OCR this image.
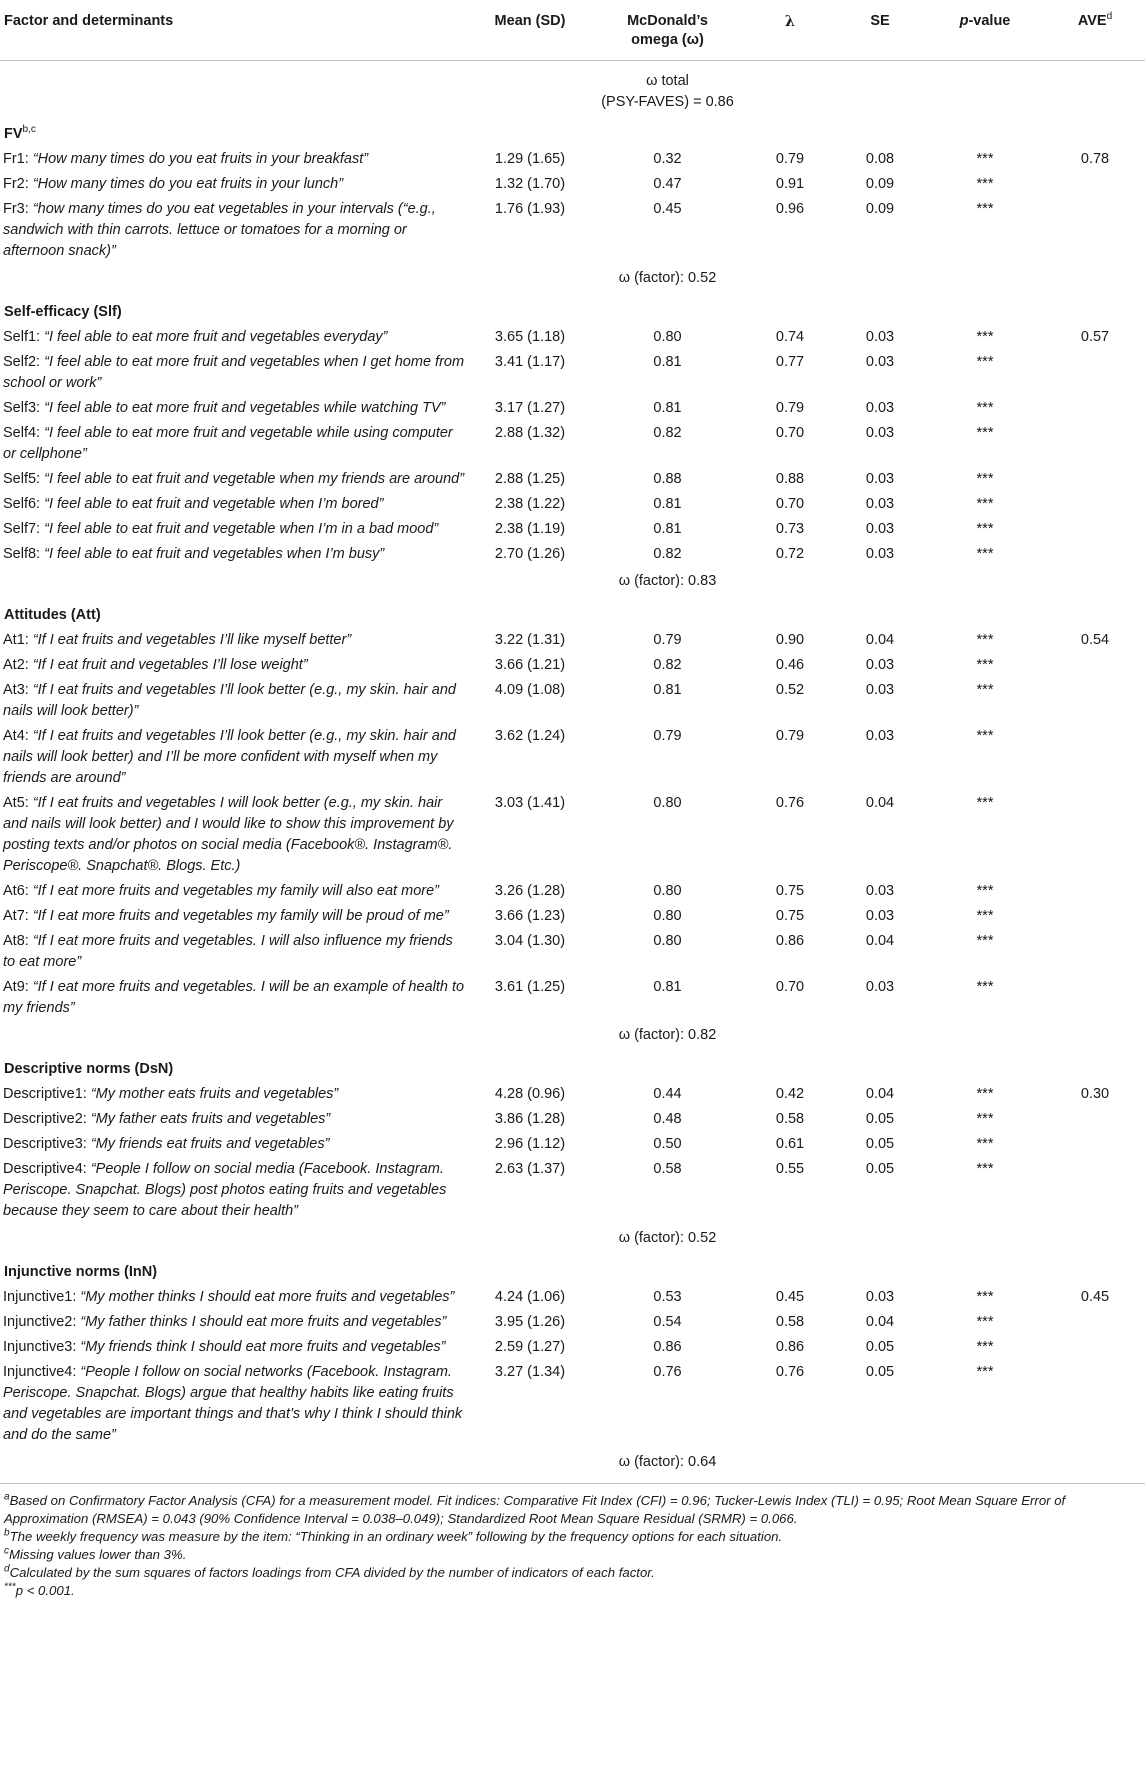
Factor and determinants	Mean (SD)	McDonald’s
omega (ω)	λ	SE	p-value	AVE$^d$
		ω total
(PSY-FAVES) = 0.86				
FV$^{b,c}$
Fr1: “How many times do you eat fruits in your breakfast”	1.29 (1.65)	0.32	0.79	0.08	***	0.78
Fr2: “How many times do you eat fruits in your lunch”	1.32 (1.70)	0.47	0.91	0.09	***	
Fr3: “how many times do you eat vegetables in your intervals (“e.g., sandwich with thin carrots. lettuce or tomatoes for a morning or afternoon snack)”	1.76 (1.93)	0.45	0.96	0.09	***	
		ω (factor): 0.52				
Self-efficacy (Slf)						
Self1: “I feel able to eat more fruit and vegetables everyday”	3.65 (1.18)	0.80	0.74	0.03	***	0.57
Self2: “I feel able to eat more fruit and vegetables when I get home from school or work”	3.41 (1.17)	0.81	0.77	0.03	***	
Self3: “I feel able to eat more fruit and vegetables while watching TV”	3.17 (1.27)	0.81	0.79	0.03	***	
Self4: “I feel able to eat more fruit and vegetable while using computer or cellphone”	2.88 (1.32)	0.82	0.70	0.03	***	
Self5: “I feel able to eat fruit and vegetable when my friends are around”	2.88 (1.25)	0.88	0.88	0.03	***	
Self6: “I feel able to eat fruit and vegetable when I’m bored”	2.38 (1.22)	0.81	0.70	0.03	***	
Self7: “I feel able to eat fruit and vegetable when I’m in a bad mood”	2.38 (1.19)	0.81	0.73	0.03	***	
Self8: “I feel able to eat fruit and vegetables when I’m busy”	2.70 (1.26)	0.82	0.72	0.03	***	
		ω (factor): 0.83				
Attitudes (Att)						
At1: “If I eat fruits and vegetables I’ll like myself better”	3.22 (1.31)	0.79	0.90	0.04	***	0.54
At2: “If I eat fruit and vegetables I’ll lose weight”	3.66 (1.21)	0.82	0.46	0.03	***	
At3: “If I eat fruits and vegetables I’ll look better (e.g., my skin. hair and nails will look better)”	4.09 (1.08)	0.81	0.52	0.03	***	
At4: “If I eat fruits and vegetables I’ll look better (e.g., my skin. hair and nails will look better) and I’ll be more confident with myself when my friends are around”	3.62 (1.24)	0.79	0.79	0.03	***	
At5: “If I eat fruits and vegetables I will look better (e.g., my skin. hair and nails will look better) and I would like to show this improvement by posting texts and/or photos on social media (Facebook®. Instagram®. Periscope®. Snapchat®. Blogs. Etc.)	3.03 (1.41)	0.80	0.76	0.04	***	
At6: “If I eat more fruits and vegetables my family will also eat more”	3.26 (1.28)	0.80	0.75	0.03	***	
At7: “If I eat more fruits and vegetables my family will be proud of me”	3.66 (1.23)	0.80	0.75	0.03	***	
At8: “If I eat more fruits and vegetables. I will also influence my friends to eat more”	3.04 (1.30)	0.80	0.86	0.04	***	
At9: “If I eat more fruits and vegetables. I will be an example of health to my friends”	3.61 (1.25)	0.81	0.70	0.03	***	
		ω (factor): 0.82				
Descriptive norms (DsN)						
Descriptive1: “My mother eats fruits and vegetables”	4.28 (0.96)	0.44	0.42	0.04	***	0.30
Descriptive2: “My father eats fruits and vegetables”	3.86 (1.28)	0.48	0.58	0.05	***	
Descriptive3: “My friends eat fruits and vegetables”	2.96 (1.12)	0.50	0.61	0.05	***	
Descriptive4: “People I follow on social media (Facebook. Instagram. Periscope. Snapchat. Blogs) post photos eating fruits and vegetables because they seem to care about their health”	2.63 (1.37)	0.58	0.55	0.05	***	
		ω (factor): 0.52				
Injunctive norms (InN)						
Injunctive1: “My mother thinks I should eat more fruits and vegetables”	4.24 (1.06)	0.53	0.45	0.03	***	0.45
Injunctive2: “My father thinks I should eat more fruits and vegetables”	3.95 (1.26)	0.54	0.58	0.04	***	
Injunctive3: “My friends think I should eat more fruits and vegetables”	2.59 (1.27)	0.86	0.86	0.05	***	
Injunctive4: “People I follow on social networks (Facebook. Instagram. Periscope. Snapchat. Blogs) argue that healthy habits like eating fruits and vegetables are important things and that’s why I think I should think and do the same”	3.27 (1.34)	0.76	0.76	0.05	***	
		ω (factor): 0.64				

$^a$Based on Confirmatory Factor Analysis (CFA) for a measurement model. Fit indices: Comparative Fit Index (CFI) = 0.96; Tucker-Lewis Index (TLI) = 0.95; Root Mean Square Error of Approximation (RMSEA) = 0.043 (90% Confidence Interval = 0.038–0.049); Standardized Root Mean Square Residual (SRMR) = 0.066.

$^b$The weekly frequency was measure by the item: “Thinking in an ordinary week” following by the frequency options for each situation.

$^c$Missing values lower than 3%.

$^d$Calculated by the sum squares of factors loadings from CFA divided by the number of indicators of each factor.

***p < 0.001.
